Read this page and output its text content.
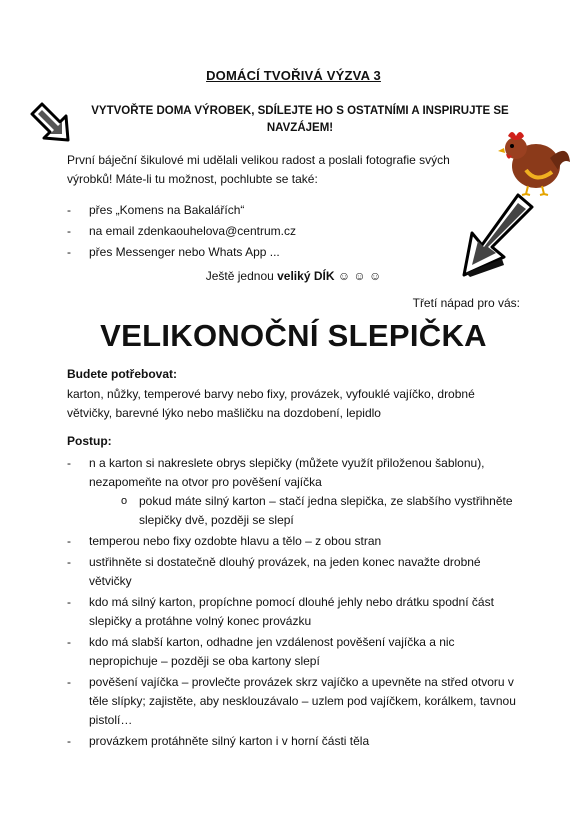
DOMÁCÍ TVOŘIVÁ VÝZVA 3
VYTVOŘTE DOMA VÝROBEK, SDÍLEJTE HO S OSTATNÍMI A INSPIRUJTE SE NAVZÁJEM!
První báječní šikulové mi udělali velikou radost a poslali fotografie svých výrobků! Máte-li tu možnost, pochlubte se také:
- přes „Komens na Bakalářích“
- na email zdenkaouhelova@centrum.cz
- přes Messenger nebo Whats App ...
Ještě jednou veliký DÍK ☺ ☺ ☺
Třetí nápad pro vás:
VELIKONOČNÍ SLEPIČKA
Budete potřebovat:
karton, nůžky, temperové barvy nebo fixy, provázek, vyfouklé vajíčko, drobné větvičky, barevné lýko nebo mašličku na dozdobení, lepidlo
Postup:
- n a karton si nakreslete obrys slepičky (můžete využít přiloženou šablonu), nezapomeňte na otvor pro pověšení vajíčka
o pokud máte silný karton – stačí jedna slepička, ze slabšího vystřihněte slepičky dvě, později se slepí
- temperou nebo fixy ozdobte hlavu a tělo – z obou stran
- ustřihněte si dostatečně dlouhý provázek, na jeden konec navažte drobné větvičky
- kdo má silný karton, propíchne pomocí dlouhé jehly nebo drátku spodní část slepičky a protáhne volný konec provázku
- kdo má slabší karton, odhadne jen vzdálenost pověšení vajíčka a nic nepropichuje – později se oba kartony slepí
- pověšení vajíčka – provlečte provázek skrz vajíčko a upevněte na střed otvoru v těle slípky; zajistěte, aby nesklouzávalo – uzlem pod vajíčkem, korálkem, tavnou pistolí…
- provázkem protáhněte silný karton i v horní části těla
